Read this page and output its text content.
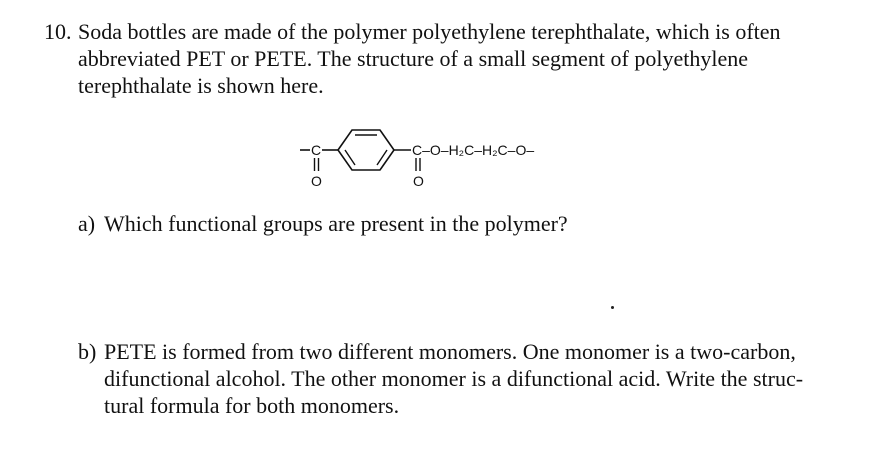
10. Soda bottles are made of the polymer polyethylene terephthalate, which is often
abbreviated PET or PETE. The structure of a small segment of polyethylene
terephthalate is shown here.
C
O
C–O–H₂C–H₂C–O–
O
a) Which functional groups are present in the polymer?
b) PETE is formed from two different monomers. One monomer is a two-carbon,
difunctional alcohol. The other monomer is a difunctional acid. Write the struc-
tural formula for both monomers.
